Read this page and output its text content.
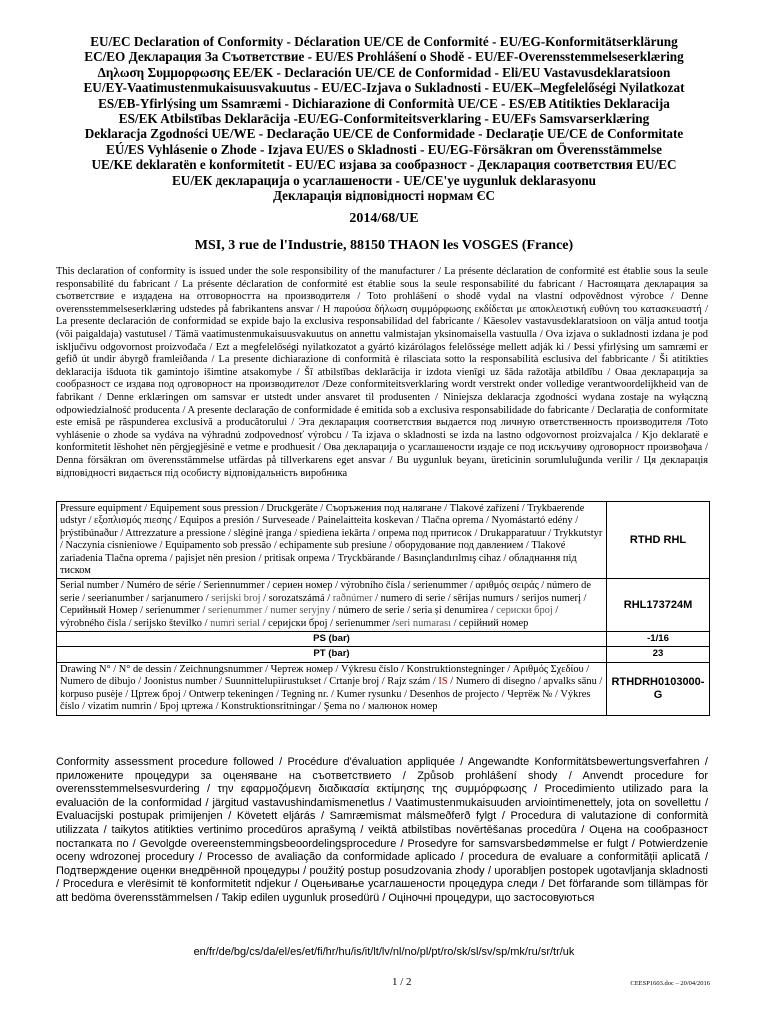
EU/EC Declaration of Conformity - Déclaration UE/CE de Conformité - EU/EG-Konformitätserklärung
ЕС/ЕО Декларация За Съответствие - EU/ES Prohlášení o Shodě - EU/EF-Overensstemmelseserklæring
Δηλωση Συμμορφωσης ΕΕ/ΕΚ - Declaración UE/CE de Conformidad - Eli/EU Vastavusdeklaratsioon
EU/EY-Vaatimustenmukaisuusvakuutus - EU/EC-Izjava o Sukladnosti - EU/EK–Megfelelőségi Nyilatkozat
ES/EB-Yfirlýsing um Ssamræmi - Dichiarazione di Conformità UE/CE - ES/EB Atitikties Deklaracija
ES/EK Atbilstības Deklarācija -EU/EG-Conformiteitsverklaring - EU/EFs Samsvarserklæring
Deklaracja Zgodności UE/WE - Declaração UE/CE de Conformidade - Declarație UE/CE de Conformitate
EÚ/ES Vyhlásenie o Zhode - Izjava EU/ES o Skladnosti - EU/EG-Försäkran om Överensstämmelse
UE/KE deklaratën e konformitetit - EU/ЕС изјава за сообразност - Декларация соответствия ЕU/ЕС
ЕU/ЕК декларација о усаглашености - UE/CE'ye uygunluk deklarasyonu
Декларація відповідності нормам ЄС
2014/68/UE
MSI, 3 rue de l'Industrie, 88150 THAON les VOSGES (France)
This declaration of conformity is issued under the sole responsibility of the manufacturer / La présente déclaration de conformité est établie sous la seule responsabilité du fabricant / La présente déclaration de conformité est établie sous la seule responsabilité du fabricant / Настоящата декларация за съответствие е издадена на отговорността на производителя / Toto prohlášení o shodě vydal na vlastní odpovědnost výrobce / Denne overensstemmelseserklæring udstedes på fabrikantens ansvar / Η παρούσα δήλωση συμμόρφωσης εκδίδεται με αποκλειστική ευθύνη του κατασκευαστή / La presente declaración de conformidad se expide bajo la exclusiva responsabilidad del fabricante / Käesolev vastavusdeklaratsioon on välja antud tootja (või paigaldaja) vastutusel / Tämä vaatimustenmukaisuusvakuutus on annettu valmistajan yksinomaisella vastuulla / Ova izjava o sukladnosti izdana je pod isključivu odgovornost proizvođača / Ezt a megfelelőségi nyilatkozatot a gyártó kizárólagos felelőssége mellett adják ki / Þessi yfirlýsing um samræmi er gefið út undir ábyrgð framleiðanda / La presente dichiarazione di conformità è rilasciata sotto la responsabilità esclusiva del fabbricante / Ši atitikties deklaracija išduota tik gamintojo išimtine atsakomybe / Šī atbilstības deklarācija ir izdota vienīgi uz šāda ražotāja atbildību / Оваа декларација за сообразност се издава под одговорност на производителот /Deze conformiteitsverklaring wordt verstrekt onder volledige verantwoordelijkheid van de fabrikant / Denne erklæringen om samsvar er utstedt under ansvaret til produsenten / Niniejsza deklaracja zgodności wydana zostaje na wyłączną odpowiedzialność producenta / A presente declaração de conformidade é emitida sob a exclusiva responsabilidade do fabricante / Declarația de conformitate este emisă pe răspunderea exclusivă a producătorului / Эта декларация соответствия выдается под личную ответственность производителя /Toto vyhlásenie o zhode sa vydáva na výhradnú zodpovednosť výrobcu / Ta izjava o skladnosti se izda na lastno odgovornost proizvajalca / Kjo deklaratë e konformitetit lëshohet nën përgjegjësinë e vetme e prodhuesit / Ова декларација о усаглашености издаје се под искључиву одговорност произвођача / Denna försäkran om överensstämmelse utfärdas på tillverkarens eget ansvar / Bu uygunluk beyanı, üreticinin sorumluluğunda verilir / Ця декларація відповідності видається під особисту відповідальність виробника
Pressure equipment / Equipement sous pression / Druckgeräte / Съоръжения под налягане / Tlakové zařízení / Trykbaerende udstyr / εξοπλισμός πιεσης / Equipos a presión / Surveseade / Painelaitteita koskevan / Tlačna oprema / Nyomástartó edény / þrýstibúnaður / Attrezzature a pressione / slėginė įranga / spiediena iekārta / опрема под притисок / Drukapparatuur / Trykkutstyr / Naczynia cisnieniowe / Equipamento sob pressão / echipamente sub presiune / оборудование под давлением / Tlakové zariadenia Tlačna oprema / pajisjet nën presion / pritisak опрема / Tryckbärande / Basınçlandırılmış cihaz / обладнання під тиском	RTHD RHL
Serial number / Numéro de série / Seriennummer / сериен номер / výrobního čísla / serienummer / αριθμός σειράς / número de serie / seerianumber / sarjanumero / serijski broj / sorozatszámá / raðnúmer / numero di serie / sērijas numurs / serijos numerį / Серийный Номер / serienummer / serienummer / numer seryjny / número de serie / seria și denumirea / сериски број / výrobného čísla / serijsko številko / numri serial / серијски број / serienummer /seri numarası / серійний номер	RHL173724M
PS (bar)	-1/16
PT (bar)	23
Drawing N° / N° de dessin / Zeichnungsnummer / Чертеж номер / Výkresu číslo / Konstruktionstegninger / Αριθμός Σχεδίου / Numero de dibujo / Joonistus number / Suunnittelupiirustukset / Crtanje broj / Rajz szám / IS / Numero di disegno / apvalks sānu / korpuso pusėje / Цртеж број / Ontwerp tekeningen / Tegning nr. / Kumer rysunku / Desenhos de projecto / Чертёж № / Výkres číslo / vizatim numrin / Број цртежа / Konstruktionsritningar / Şema no / малюнок номер	RTHDRH0103000-G
Conformity assessment procedure followed / Procédure d'évaluation appliquée / Angewandte Konformitätsbewertungsverfahren / приложените процедури за оценяване на съответствието / Způsob prohlášení shody / Anvendt procedure for overensstemmelsesvurdering / την εφαρμοζόμενη διαδικασία εκτίμησης της συμμόρφωσης / Procedimiento utilizado para la evaluación de la conformidad / järgitud vastavushindamismenetlus / Vaatimustenmukaisuuden arviointimenettely, jota on sovellettu / Evaluacijski postupak primijenjen / Követett eljárás / Samræmismat málsmeðferð fylgt / Procedura di valutazione di conformità utilizzata / taikytos atitikties vertinimo procedūros aprašymą / veiktā atbilstības novērtēšanas procedūra / Оцена на сообразност постапката по / Gevolgde overeenstemmingsbeoordelingsprocedure / Prosedyre for samsvarsbedømmelse er fulgt / Potwierdzenie oceny wdrozonej procedury / Processo de avaliação da conformidade aplicado / procedura de evaluare a conformității aplicată / Подтверждение оценки внедрённой процедуры / použitý postup posudzovania zhody / uporabljen postopek ugotavljanja skladnosti / Procedura e vlerësimit të konformitetit ndjekur / Оцењивање усаглашености процедура следи / Det förfarande som tillämpas för att bedöma överensstämmelsen / Takip edilen uygunluk prosedürü / Оціночні процедури, що застосовуються
en/fr/de/bg/cs/da/el/es/et/fi/hr/hu/is/it/lt/lv/nl/no/pl/pt/ro/sk/sl/sv/sp/mk/ru/sr/tr/uk
1 / 2	CEESP1603.doc – 20/04/2016
